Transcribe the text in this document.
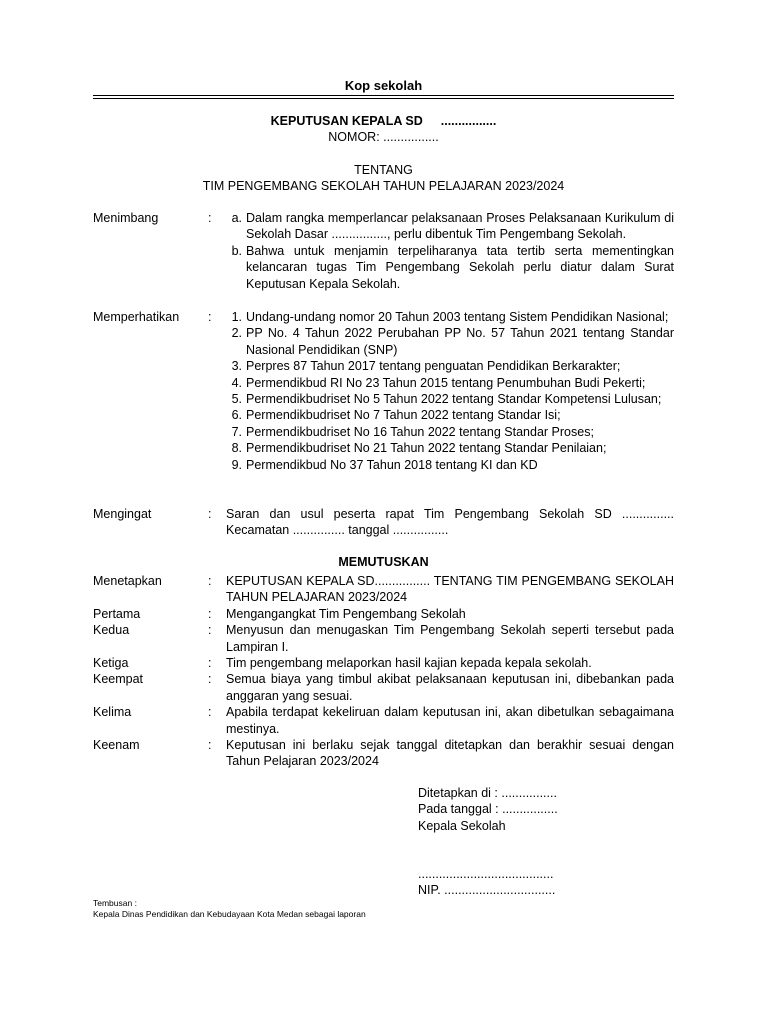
Kop sekolah
KEPUTUSAN KEPALA SD ................
NOMOR: ................
TENTANG
TIM PENGEMBANG SEKOLAH TAHUN PELAJARAN 2023/2024
Menimbang	:	a. Dalam rangka memperlancar pelaksanaan Proses Pelaksanaan Kurikulum di Sekolah Dasar ................, perlu dibentuk Tim Pengembang Sekolah.
b. Bahwa untuk menjamin terpeliharanya tata tertib serta mementingkan kelancaran tugas Tim Pengembang Sekolah perlu diatur dalam Surat Keputusan Kepala Sekolah.
Memperhatikan	:	1. Undang-undang nomor 20 Tahun 2003 tentang Sistem Pendidikan Nasional;
2. PP No. 4 Tahun 2022 Perubahan PP No. 57 Tahun 2021 tentang Standar Nasional Pendidikan (SNP)
3. Perpres 87 Tahun 2017 tentang penguatan Pendidikan Berkarakter;
4. Permendikbud RI No 23 Tahun 2015 tentang Penumbuhan Budi Pekerti;
5. Permendikbudriset No 5 Tahun 2022 tentang Standar Kompetensi Lulusan;
6. Permendikbudriset No 7 Tahun 2022 tentang Standar Isi;
7. Permendikbudriset No 16 Tahun 2022 tentang Standar Proses;
8. Permendikbudriset No 21 Tahun 2022 tentang Standar Penilaian;
9. Permendikbud No 37 Tahun 2018 tentang KI dan KD
Mengingat	:	Saran dan usul peserta rapat Tim Pengembang Sekolah SD ............... Kecamatan ............... tanggal ................
MEMUTUSKAN
Menetapkan	:	KEPUTUSAN KEPALA SD................ TENTANG TIM PENGEMBANG SEKOLAH TAHUN PELAJARAN 2023/2024
Pertama	:	Mengangangkat Tim Pengembang Sekolah
Kedua	:	Menyusun dan menugaskan Tim Pengembang Sekolah seperti tersebut pada Lampiran I.
Ketiga	:	Tim pengembang melaporkan hasil kajian kepada kepala sekolah.
Keempat	:	Semua biaya yang timbul akibat pelaksanaan keputusan ini, dibebankan pada anggaran yang sesuai.
Kelima	:	Apabila terdapat kekeliruan dalam keputusan ini, akan dibetulkan sebagaimana mestinya.
Keenam	:	Keputusan ini berlaku sejak tanggal ditetapkan dan berakhir sesuai dengan Tahun Pelajaran 2023/2024
Ditetapkan di : ................
Pada tanggal : ................
Kepala Sekolah
.......................................
NIP. ................................
Tembusan :
Kepala Dinas Pendidikan dan Kebudayaan Kota Medan sebagai laporan
